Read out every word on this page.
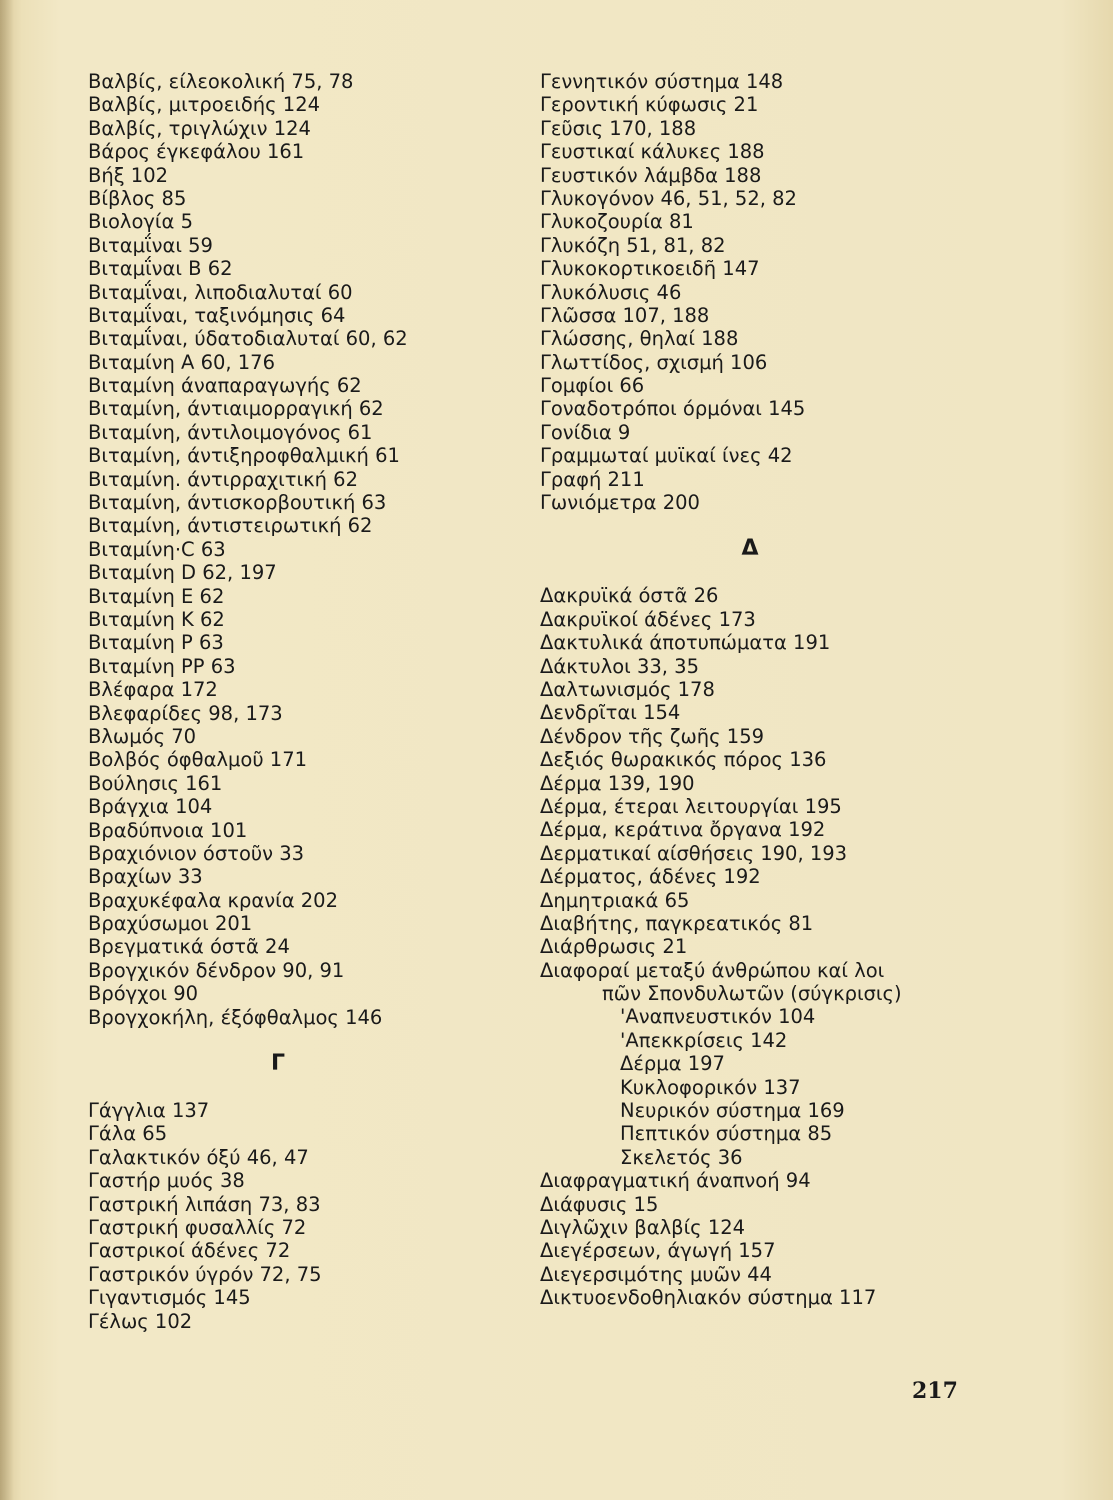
Βαλβίς, είλεοκολική 75, 78
Βαλβίς, μιτροειδής 124
Βαλβίς, τριγλώχιν 124
Βάρος έγκεφάλου 161
Βήξ 102
Βίβλος 85
Βιολογία 5
Βιταμΐναι 59
Βιταμΐναι Β 62
Βιταμΐναι, λιποδιαλυταί 60
Βιταμΐναι, ταξινόμησις 64
Βιταμΐναι, ύδατοδιαλυταί 60, 62
Βιταμίνη Α 60, 176
Βιταμίνη άναπαραγωγής 62
Βιταμίνη, άντιαιμορραγική 62
Βιταμίνη, άντιλοιμογόνος 61
Βιταμίνη, άντιξηροφθαλμική 61
Βιταμίνη. άντιρραχιτική 62
Βιταμίνη, άντισκορβουτική 63
Βιταμίνη, άντιστειρωτική 62
Βιταμίνη·C 63
Βιταμίνη D 62, 197
Βιταμίνη E 62
Βιταμίνη K 62
Βιταμίνη P 63
Βιταμίνη PP 63
Βλέφαρα 172
Βλεφαρίδες 98, 173
Βλωμός 70
Βολβός όφθαλμοῦ 171
Βούλησις 161
Βράγχια 104
Βραδύπνοια 101
Βραχιόνιον όστοῦν 33
Βραχίων 33
Βραχυκέφαλα κρανία 202
Βραχύσωμοι 201
Βρεγματικά όστᾶ 24
Βρογχικόν δένδρον 90, 91
Βρόγχοι 90
Βρογχοκήλη, έξόφθαλμος 146
Γ
Γάγγλια 137
Γάλα 65
Γαλακτικόν όξύ 46, 47
Γαστήρ μυός 38
Γαστρική λιπάση 73, 83
Γαστρική φυσαλλίς 72
Γαστρικοί άδένες 72
Γαστρικόν ύγρόν 72, 75
Γιγαντισμός 145
Γέλως 102
Γεννητικόν σύστημα 148
Γεροντική κύφωσις 21
Γεῦσις 170, 188
Γευστικαί κάλυκες 188
Γευστικόν λάμβδα 188
Γλυκογόνον 46, 51, 52, 82
Γλυκοζουρία 81
Γλυκόζη 51, 81, 82
Γλυκοκορτικοειδῆ 147
Γλυκόλυσις 46
Γλῶσσα 107, 188
Γλώσσης, θηλαί 188
Γλωττίδος, σχισμή 106
Γομφίοι 66
Γοναδοτρόποι όρμόναι 145
Γονίδια 9
Γραμμωταί μυϊκαί ίνες 42
Γραφή 211
Γωνιόμετρα 200
Δ
Δακρυϊκά όστᾶ 26
Δακρυϊκοί άδένες 173
Δακτυλικά άποτυπώματα 191
Δάκτυλοι 33, 35
Δαλτωνισμός 178
Δενδρῖται 154
Δένδρον τῆς ζωῆς 159
Δεξιός θωρακικός πόρος 136
Δέρμα 139, 190
Δέρμα, έτεραι λειτουργίαι 195
Δέρμα, κεράτινα ὄργανα 192
Δερματικαί αίσθήσεις 190, 193
Δέρματος, άδένες 192
Δημητριακά 65
Διαβήτης, παγκρεατικός 81
Διάρθρωσις 21
Διαφοραί μεταξύ άνθρώπου καί λοι
πῶν Σπονδυλωτῶν (σύγκρισις)
'Αναπνευστικόν 104
'Απεκκρίσεις 142
Δέρμα 197
Κυκλοφορικόν 137
Νευρικόν σύστημα 169
Πεπτικόν σύστημα 85
Σκελετός 36
Διαφραγματική άναπνοή 94
Διάφυσις 15
Διγλῶχιν βαλβίς 124
Διεγέρσεων, άγωγή 157
Διεγερσιμότης μυῶν 44
Δικτυοενδοθηλιακόν σύστημα 117
217
